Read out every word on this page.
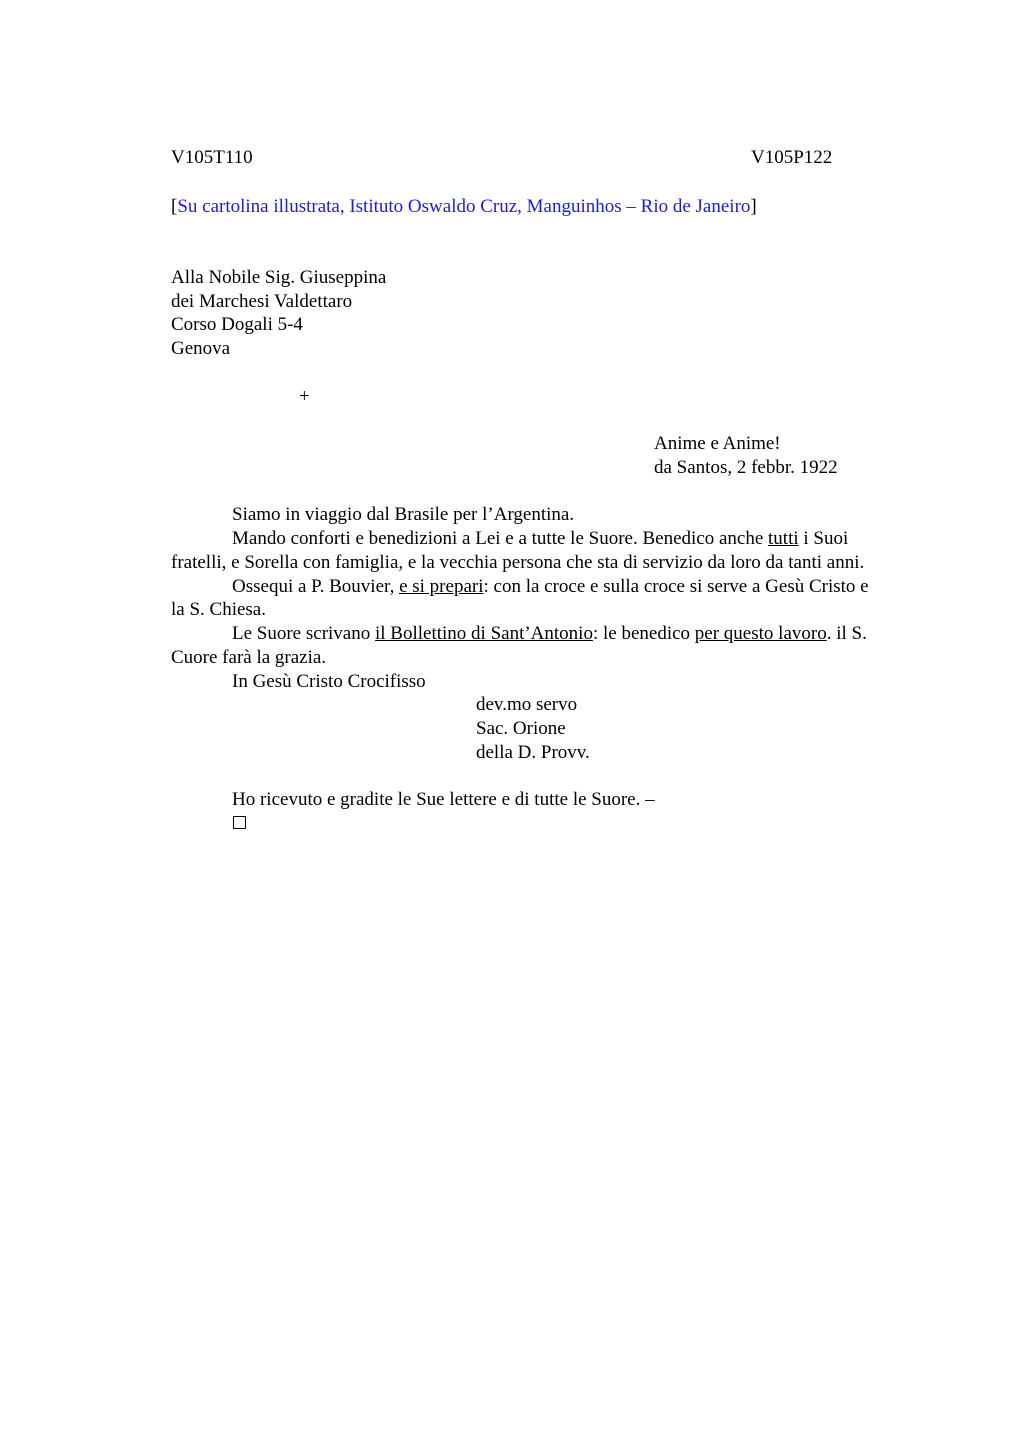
V105T110	V105P122
[Su cartolina illustrata, Istituto Oswaldo Cruz, Manguinhos – Rio de Janeiro]
Alla Nobile Sig. Giuseppina
dei Marchesi Valdettaro
Corso Dogali 5-4
Genova
+
Anime e Anime!
da Santos, 2 febbr. 1922
Siamo in viaggio dal Brasile per l’Argentina.
Mando conforti e benedizioni a Lei e a tutte le Suore. Benedico anche tutti i Suoi
fratelli, e Sorella con famiglia, e la vecchia persona che sta di servizio da loro da tanti anni.
Ossequi a P. Bouvier, e si prepari: con la croce e sulla croce si serve a Gesù Cristo e
la S. Chiesa.
Le Suore scrivano il Bollettino di Sant’Antonio: le benedico per questo lavoro. il S.
Cuore farà la grazia.
In Gesù Cristo Crocifisso
dev.mo servo
Sac. Orione
della D. Provv.
Ho ricevuto e gradite le Sue lettere e di tutte le Suore. –
